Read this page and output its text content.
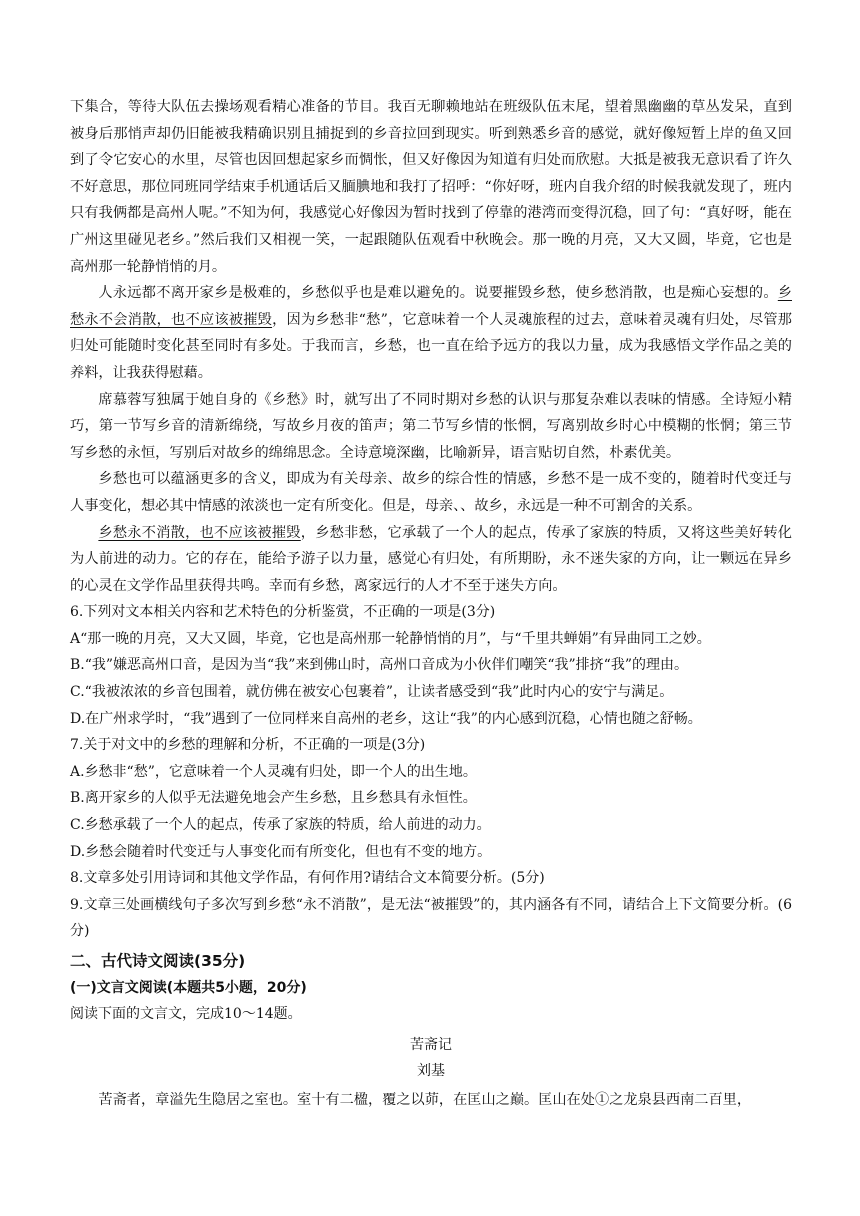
下集合，等待大队伍去操场观看精心准备的节目。我百无聊赖地站在班级队伍末尾，望着黑幽幽的草丛发呆，直到被身后那悄声却仍旧能被我精确识别且捕捉到的乡音拉回到现实。听到熟悉乡音的感觉，就好像短暂上岸的鱼又回到了令它安心的水里，尽管也因回想起家乡而惆怅，但又好像因为知道有归处而欣慰。大抵是被我无意识看了许久不好意思，那位同班同学结束手机通话后又腼腆地和我打了招呼：“你好呀，班内自我介绍的时候我就发现了，班内只有我俩都是高州人呢。”不知为何，我感觉心好像因为暂时找到了停靠的港湾而变得沉稳，回了句：“真好呀，能在广州这里碰见老乡。”然后我们又相视一笑，一起跟随队伍观看中秋晚会。那一晚的月亮，又大又圆，毕竟，它也是高州那一轮静悄悄的月。

人永远都不离开家乡是极难的，乡愁似乎也是难以避免的。说要摧毁乡愁，使乡愁消散，也是痴心妄想的。乡愁永不会消散，也不应该被摧毁，因为乡愁非“愁”，它意味着一个人灵魂旅程的过去，意味着灵魂有归处，尽管那归处可能随时变化甚至同时有多处。于我而言，乡愁，也一直在给予远方的我以力量，成为我感悟文学作品之美的养料，让我获得慰藉。

席慕蓉写独属于她自身的《乡愁》时，就写出了不同时期对乡愁的认识与那复杂难以表味的情感。全诗短小精巧，第一节写乡音的清新绵绕，写故乡月夜的笛声；第二节写乡情的怅惘，写离别故乡时心中模糊的怅惘；第三节写乡愁的永恒，写别后对故乡的绵绵思念。全诗意境深幽，比喻新异，语言贴切自然，朴素优美。

乡愁也可以蕴涵更多的含义，即成为有关母亲、故乡的综合性的情感，乡愁不是一成不变的，随着时代变迁与人事变化，想必其中情感的浓淡也一定有所变化。但是，母亲、、故乡，永远是一种不可割舍的关系。

乡愁永不消散，也不应该被摧毁，乡愁非愁，它承载了一个人的起点，传承了家族的特质，又将这些美好转化为人前进的动力。它的存在，能给予游子以力量，感觉心有归处，有所期盼，永不迷失家的方向，让一颗远在异乡的心灵在文学作品里获得共鸣。幸而有乡愁，离家远行的人才不至于迷失方向。

6.下列对文本相关内容和艺术特色的分析鉴赏，不正确的一项是(3分)

A“那一晚的月亮，又大又圆，毕竟，它也是高州那一轮静悄悄的月”，与“千里共蝉娟”有异曲同工之妙。

B.“我”嫌恶高州口音，是因为当“我”来到佛山时，高州口音成为小伙伴们嘲笑“我”排挤“我”的理由。

C.“我被浓浓的乡音包围着，就仿佛在被安心包裹着”，让读者感受到“我”此时内心的安宁与满足。

D.在广州求学时，“我”遇到了一位同样来自高州的老乡，这让“我”的内心感到沉稳，心情也随之舒畅。

7.关于对文中的乡愁的理解和分析，不正确的一项是(3分)

A.乡愁非“愁”，它意味着一个人灵魂有归处，即一个人的出生地。

B.离开家乡的人似乎无法避免地会产生乡愁，且乡愁具有永恒性。

C.乡愁承载了一个人的起点，传承了家族的特质，给人前进的动力。

D.乡愁会随着时代变迁与人事变化而有所变化，但也有不变的地方。

8.文章多处引用诗词和其他文学作品，有何作用?请结合文本简要分析。(5分)

9.文章三处画横线句子多次写到乡愁“永不消散”，是无法“被摧毁”的，其内涵各有不同，请结合上下文简要分析。(6分)

二、古代诗文阅读(35分)
(一)文言文阅读(本题共5小题，20分)

阅读下面的文言文，完成10～14题。

苦斋记

刘基

苦斋者，章溢先生隐居之室也。室十有二楹，覆之以茆，在匡山之巅。匡山在处①之龙泉县西南二百里，
